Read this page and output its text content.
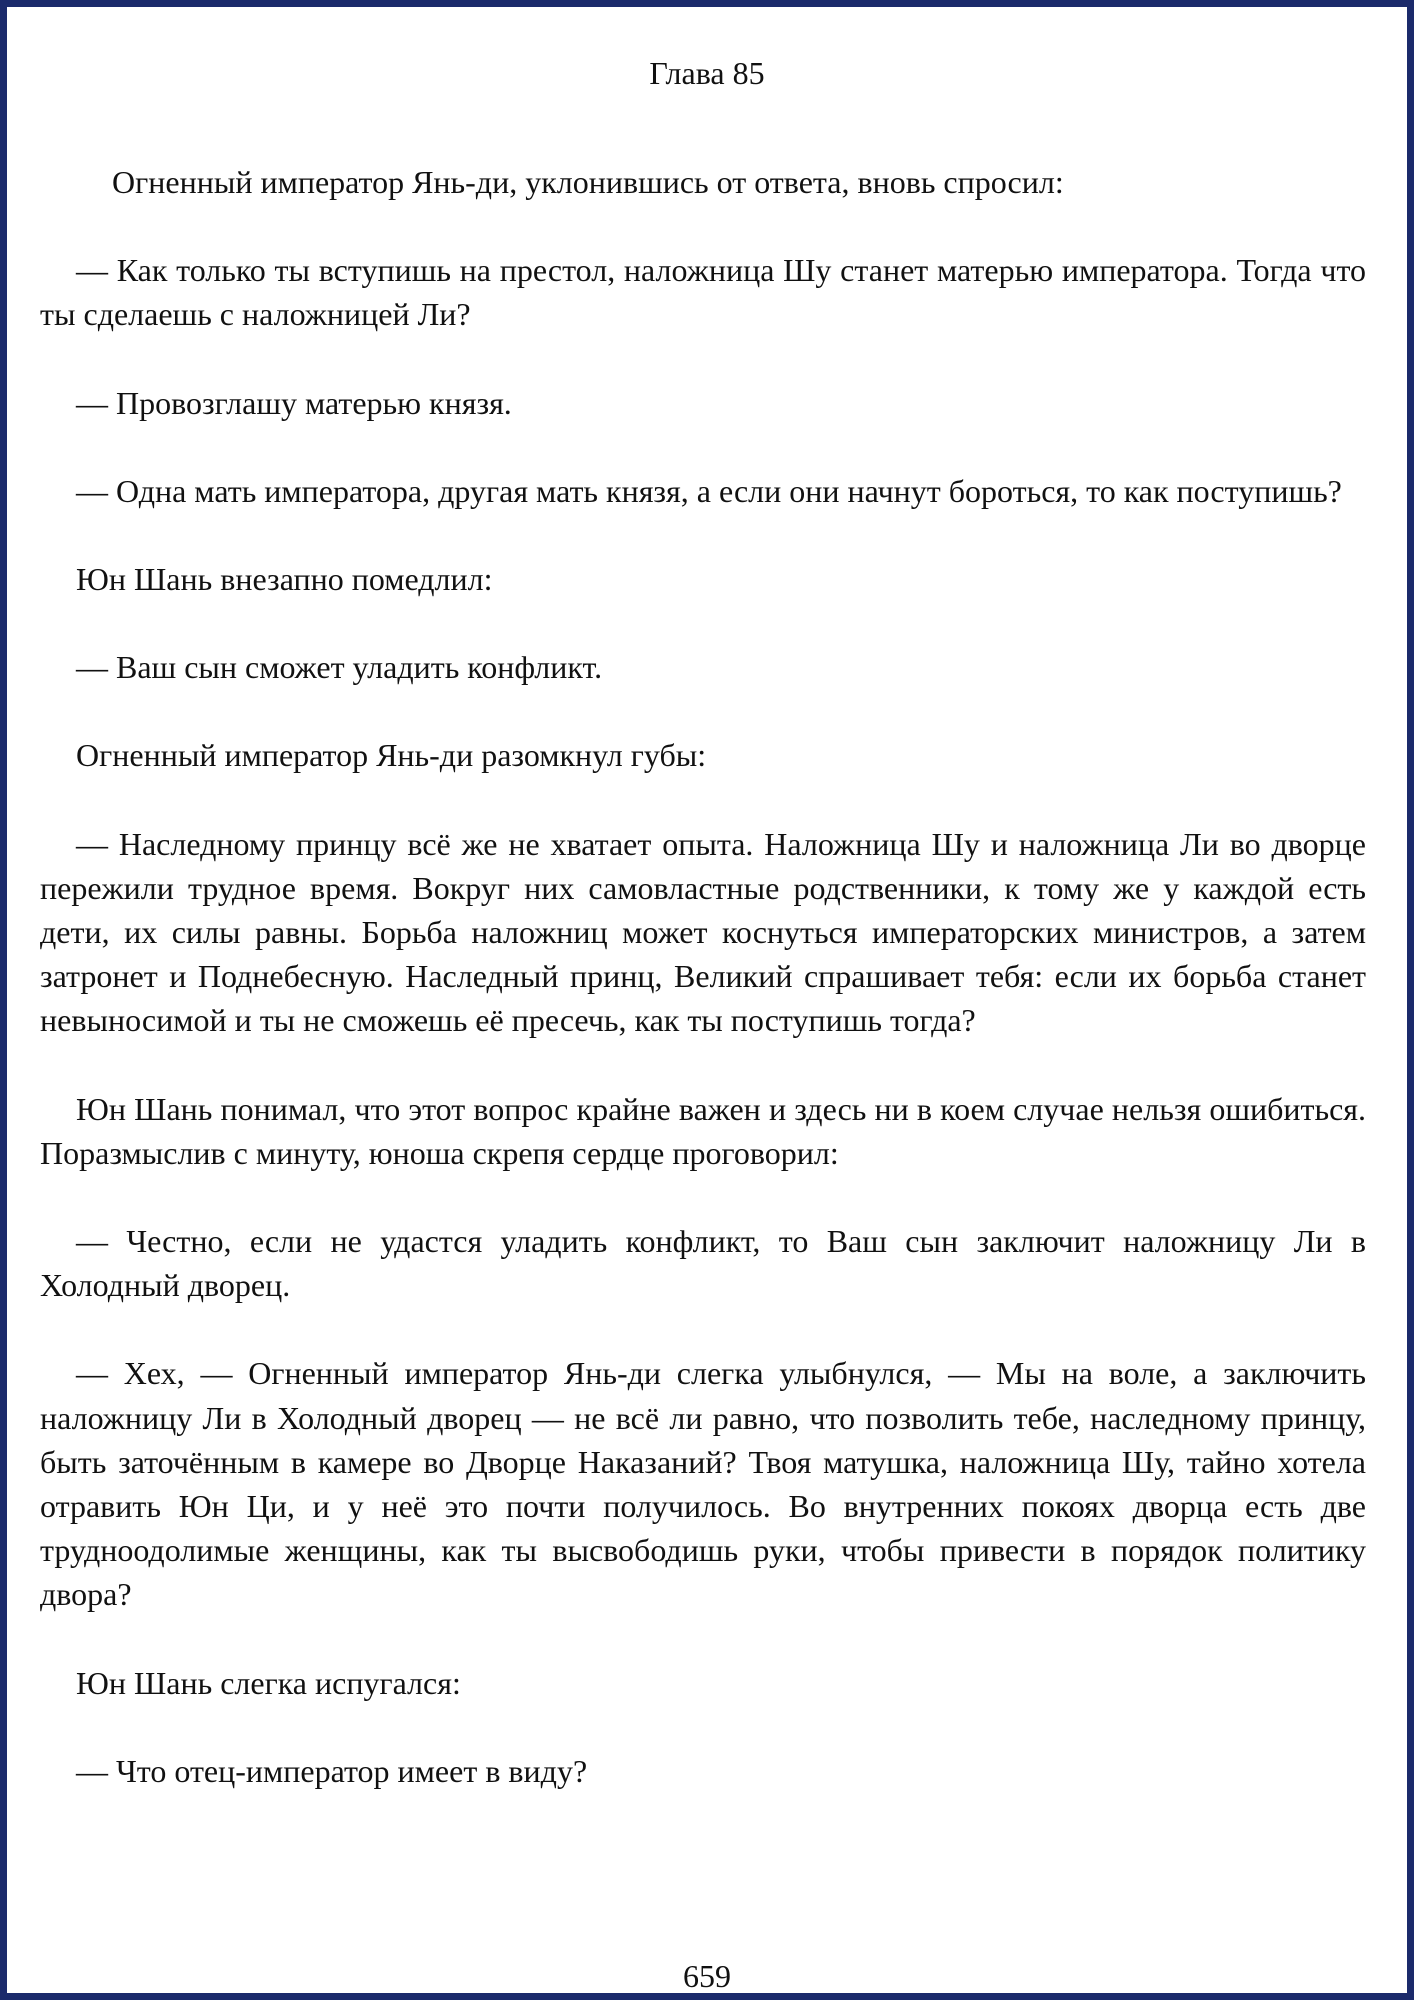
Глава 85

Огненный император Янь-ди, уклонившись от ответа, вновь спросил:

— Как только ты вступишь на престол, наложница Шу станет матерью императора. Тогда что ты сделаешь с наложницей Ли?

— Провозглашу матерью князя.

— Одна мать императора, другая мать князя, а если они начнут бороться, то как поступишь?

Юн Шань внезапно помедлил:

— Ваш сын сможет уладить конфликт.

Огненный император Янь-ди разомкнул губы:

— Наследному принцу всё же не хватает опыта. Наложница Шу и наложница Ли во дворце пережили трудное время. Вокруг них самовластные родственники, к тому же у каждой есть дети, их силы равны. Борьба наложниц может коснуться императорских министров, а затем затронет и Поднебесную. Наследный принц, Великий спрашивает тебя: если их борьба станет невыносимой и ты не сможешь её пресечь, как ты поступишь тогда?

Юн Шань понимал, что этот вопрос крайне важен и здесь ни в коем случае нельзя ошибиться. Поразмыслив с минуту, юноша скрепя сердце проговорил:

— Честно, если не удастся уладить конфликт, то Ваш сын заключит наложницу Ли в Холодный дворец.

— Хех, — Огненный император Янь-ди слегка улыбнулся, — Мы на воле, а заключить наложницу Ли в Холодный дворец — не всё ли равно, что позволить тебе, наследному принцу, быть заточённым в камере во Дворце Наказаний? Твоя матушка, наложница Шу, тайно хотела отравить Юн Ци, и у неё это почти получилось. Во внутренних покоях дворца есть две трудноодолимые женщины, как ты высвободишь руки, чтобы привести в порядок политику двора?

Юн Шань слегка испугался:

— Что отец-император имеет в виду?

659
